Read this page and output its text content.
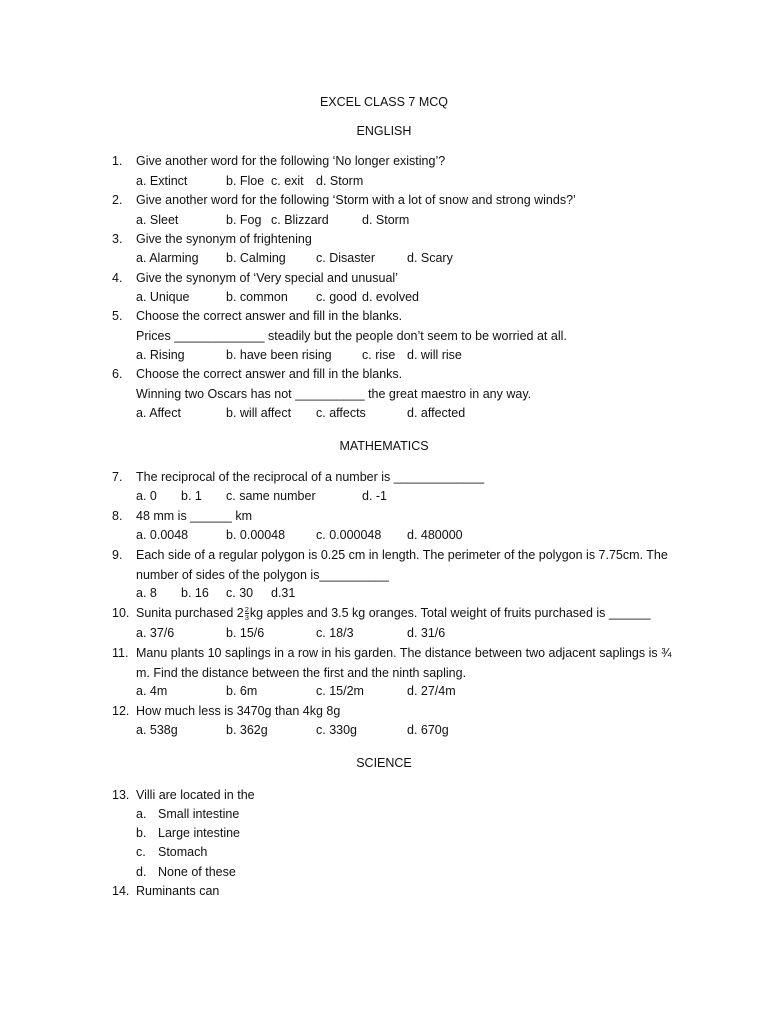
EXCEL CLASS 7 MCQ
ENGLISH
1. Give another word for the following ‘No longer existing’?
a. Extinct	b. Floe c. exit d. Storm
2. Give another word for the following ‘Storm with a lot of snow and strong winds?’
a. Sleet	b. Fog c. Blizzard	d. Storm
3. Give the synonym of frightening
a. Alarming b. Calming c. Disaster	d. Scary
4. Give the synonym of ‘Very special and unusual’
a. Unique	b. common c. good d. evolved
5. Choose the correct answer and fill in the blanks.
Prices _____________ steadily but the people don’t seem to be worried at all.
a. Rising	b. have been rising c. rise d. will rise
6. Choose the correct answer and fill in the blanks.
Winning two Oscars has not __________ the great maestro in any way.
a. Affect	b. will affect c. affects	d. affected
MATHEMATICS
7. The reciprocal of the reciprocal of a number is _____________
a. 0 b. 1 c. same number	d. -1
8. 48 mm is ______ km
a. 0.0048	b. 0.00048 c. 0.000048 d. 480000
9. Each side of a regular polygon is 0.25 cm in length. The perimeter of the polygon is 7.75cm. The
number of sides of the polygon is__________
a. 8 b. 16 c. 30 d.31
10. Sunita purchased $2 \frac{2}{3}$ kg apples and 3.5 kg oranges. Total weight of fruits purchased is ______
a. 37/6	b. 15/6	c. 18/3	d. 31/6
11. Manu plants 10 saplings in a row in his garden. The distance between two adjacent saplings is ¾
m. Find the distance between the first and the ninth sapling.
a. 4m	b. 6m	c. 15/2m	d. 27/4m
12. How much less is 3470g than 4kg 8g
a. 538g	b. 362g	c. 330g	d. 670g
SCIENCE
13. Villi are located in the
a. Small intestine
b. Large intestine
c. Stomach
d. None of these
14. Ruminants can
